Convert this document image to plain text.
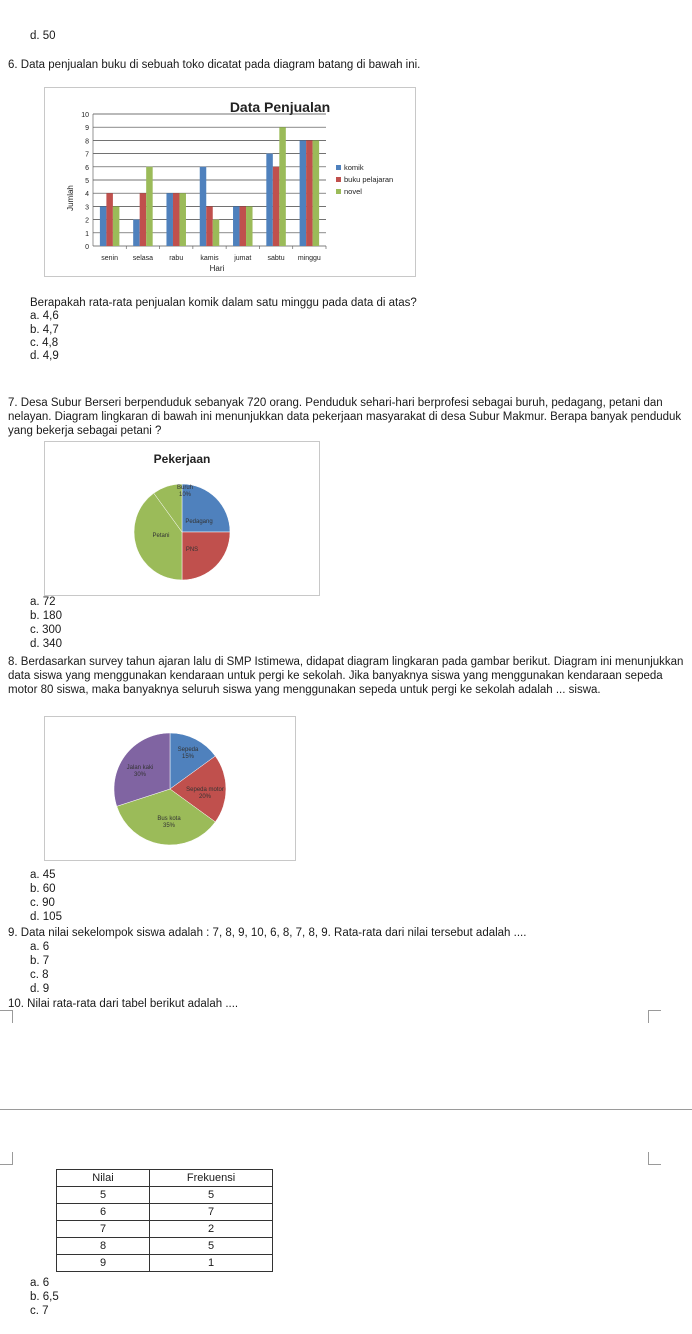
d. 50
6. Data penjualan buku di sebuah toko dicatat pada diagram batang di bawah ini.
Data Penjualan
Jumlah
Hari
0
1
2
3
4
5
6
7
8
9
10
senin selasa rabu kamis jumat sabtu minggu
komik
buku pelajaran
novel
Berapakah rata-rata penjualan komik dalam satu minggu pada data di atas?
a. 4,6
b. 4,7
c. 4,8
d. 4,9
7. Desa Subur Berseri berpenduduk sebanyak 720 orang. Penduduk sehari-hari berprofesi sebagai buruh, pedagang, petani dan nelayan. Diagram lingkaran di bawah ini menunjukkan data pekerjaan masyarakat di desa Subur Makmur. Berapa banyak penduduk yang bekerja sebagai petani ?
Pekerjaan
Buruh
10%
Pedagang
Petani
PNS
a. 72
b. 180
c. 300
d. 340
8. Berdasarkan survey tahun ajaran lalu di SMP Istimewa, didapat diagram lingkaran pada gambar berikut. Diagram ini menunjukkan data siswa yang menggunakan kendaraan untuk pergi ke sekolah. Jika banyaknya siswa yang menggunakan kendaraan sepeda motor 80 siswa, maka banyaknya seluruh siswa yang menggunakan sepeda untuk pergi ke sekolah adalah ... siswa.
Sepeda
15%
Sepeda motor
20%
Bus kota
35%
Jalan kaki
30%
a. 45
b. 60
c. 90
d. 105
9. Data nilai sekelompok siswa adalah : 7, 8, 9, 10, 6, 8, 7, 8, 9. Rata-rata dari nilai tersebut adalah ....
a. 6
b. 7
c. 8
d. 9
10. Nilai rata-rata dari tabel berikut adalah ....
Nilai	Frekuensi
5	5
6	7
7	2
8	5
9	1
a. 6
b. 6,5
c. 7
